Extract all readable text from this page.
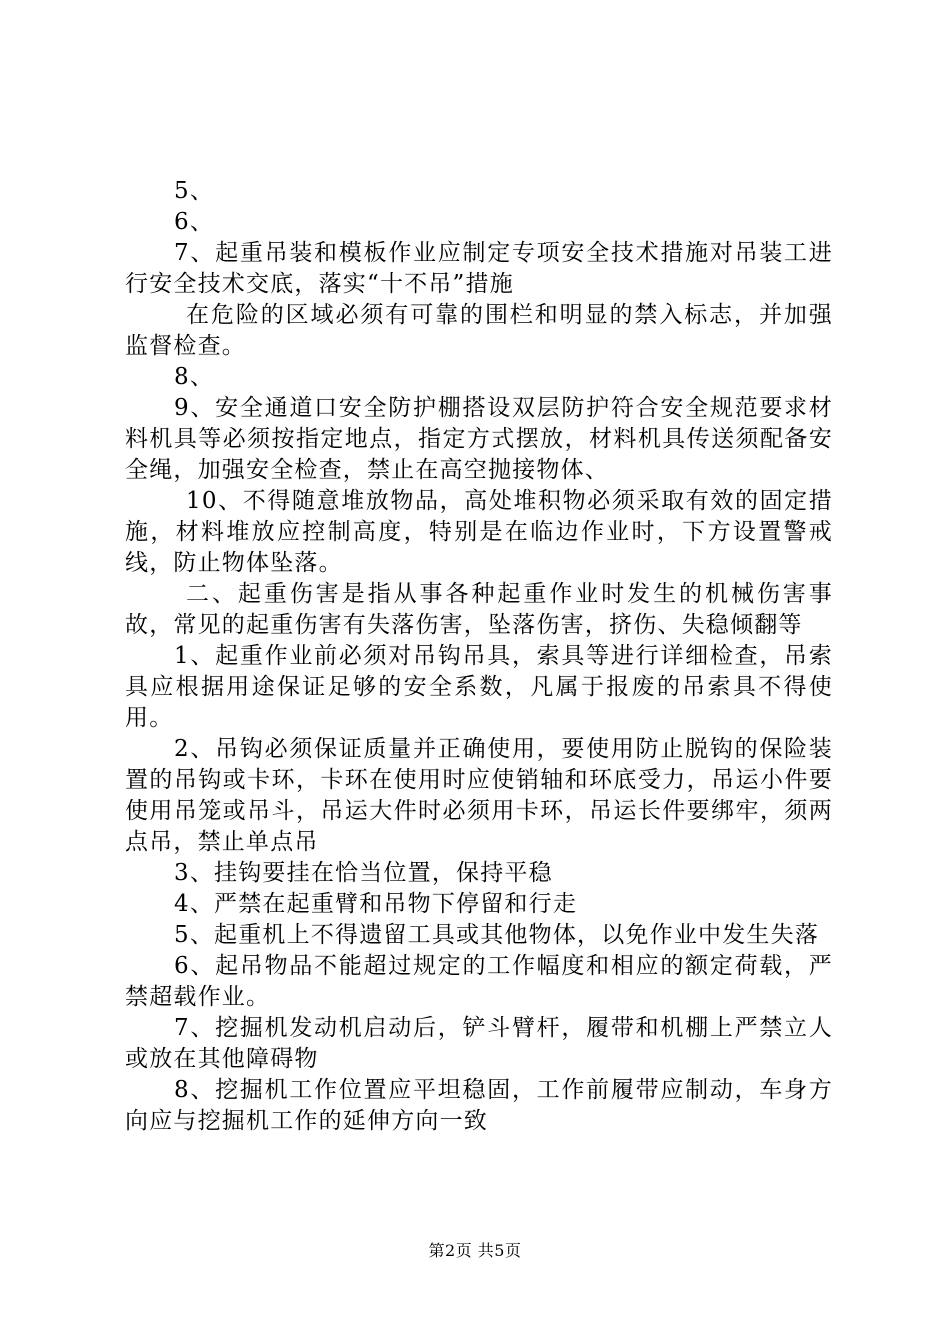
5、

6、

7、起重吊装和模板作业应制定专项安全技术措施对吊装工进行安全技术交底，落实“十不吊”措施

在危险的区域必须有可靠的围栏和明显的禁入标志，并加强监督检查。

8、

9、安全通道口安全防护棚搭设双层防护符合安全规范要求材料机具等必须按指定地点，指定方式摆放，材料机具传送须配备安全绳，加强安全检查，禁止在高空抛接物体、

10、不得随意堆放物品，高处堆积物必须采取有效的固定措施，材料堆放应控制高度，特别是在临边作业时，下方设置警戒线，防止物体坠落。

二、起重伤害是指从事各种起重作业时发生的机械伤害事故，常见的起重伤害有失落伤害，坠落伤害，挤伤、失稳倾翻等

1、起重作业前必须对吊钩吊具，索具等进行详细检查，吊索具应根据用途保证足够的安全系数，凡属于报废的吊索具不得使用。

2、吊钩必须保证质量并正确使用，要使用防止脱钩的保险装置的吊钩或卡环，卡环在使用时应使销轴和环底受力，吊运小件要使用吊笼或吊斗，吊运大件时必须用卡环，吊运长件要绑牢，须两点吊，禁止单点吊

3、挂钩要挂在恰当位置，保持平稳

4、严禁在起重臂和吊物下停留和行走

5、起重机上不得遗留工具或其他物体，以免作业中发生失落

6、起吊物品不能超过规定的工作幅度和相应的额定荷载，严禁超载作业。

7、挖掘机发动机启动后，铲斗臂杆，履带和机棚上严禁立人或放在其他障碍物

8、挖掘机工作位置应平坦稳固，工作前履带应制动，车身方向应与挖掘机工作的延伸方向一致

第2页 共5页
